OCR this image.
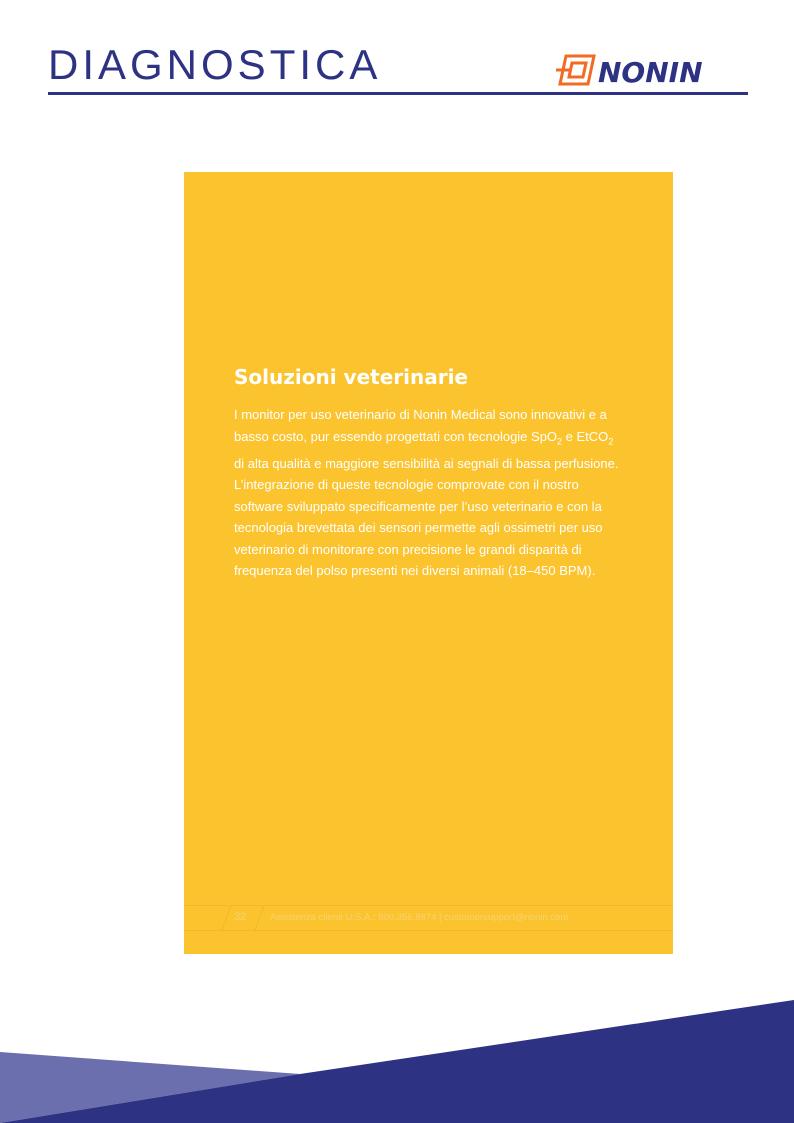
DIAGNOSTICA	NONIN
Soluzioni veterinarie
I monitor per uso veterinario di Nonin Medical sono innovativi e a basso costo, pur essendo progettati con tecnologie SpO$_2$ e EtCO$_2$ di alta qualità e maggiore sensibilità ai segnali di bassa perfusione. L’integrazione di queste tecnologie comprovate con il nostro software sviluppato specificamente per l’uso veterinario e con la tecnologia brevettata dei sensori permette agli ossimetri per uso veterinario di monitorare con precisione le grandi disparità di frequenza del polso presenti nei diversi animali (18–450 BPM).
32	Assistenza clienti U.S.A.: 800.356.8874 | customersupport@nonin.com
